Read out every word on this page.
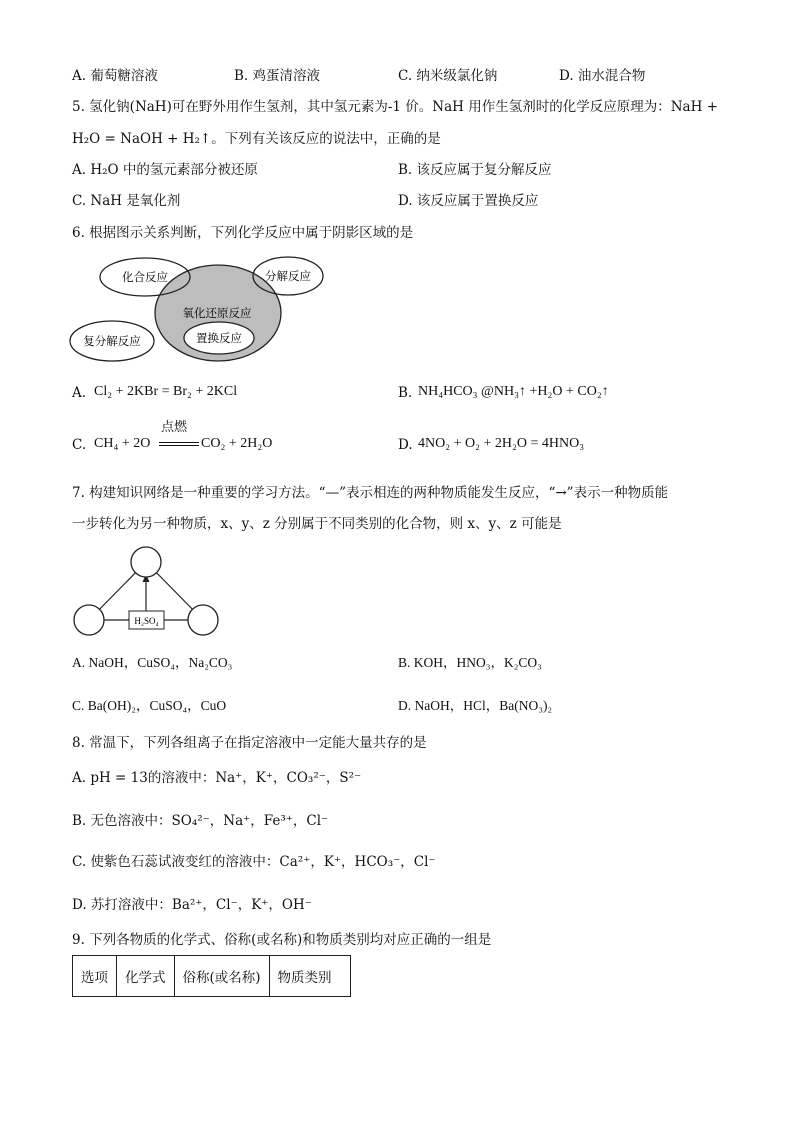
A. 葡萄糖溶液	B. 鸡蛋清溶液	C. 纳米级氯化钠	D. 油水混合物
5. 氢化钠(NaH)可在野外用作生氢剂，其中氢元素为-1 价。NaH 用作生氢剂时的化学反应原理为：NaH +
H₂O = NaOH + H₂↑。下列有关该反应的说法中，正确的是
A. H₂O 中的氢元素部分被还原	B. 该反应属于复分解反应
C. NaH 是氧化剂	D. 该反应属于置换反应
6. 根据图示关系判断，下列化学反应中属于阴影区域的是
化合反应	分解反应
氧化还原反应
置换反应
复分解反应
A. Cl₂ + 2KBr = Br₂ + 2KCl	B. NH₄HCO₃ @NH₃↑ +H₂O + CO₂↑
C. CH₄ + 2O
点燃
CO₂ + 2H₂O	D. 4NO₂ + O₂ + 2H₂O = 4HNO₃
7. 构建知识网络是一种重要的学习方法。“—”表示相连的两种物质能发生反应，“→”表示一种物质能
一步转化为另一种物质，x、y、z 分别属于不同类别的化合物，则 x、y、z 可能是
H₂SO₄
A. NaOH，CuSO₄，Na₂CO₃	B. KOH，HNO₃，K₂CO₃
C. Ba(OH)₂，CuSO₄，CuO	D. NaOH，HCl，Ba(NO₃)₂
8. 常温下，下列各组离子在指定溶液中一定能大量共存的是
A. pH = 13的溶液中：Na⁺，K⁺，CO₃²⁻，S²⁻
B. 无色溶液中：SO₄²⁻，Na⁺，Fe³⁺，Cl⁻
C. 使紫色石蕊试液变红的溶液中：Ca²⁺，K⁺，HCO₃⁻，Cl⁻
D. 苏打溶液中：Ba²⁺，Cl⁻，K⁺，OH⁻
9. 下列各物质的化学式、俗称(或名称)和物质类别均对应正确的一组是
选项	化学式	俗称(或名称)	物质类别
